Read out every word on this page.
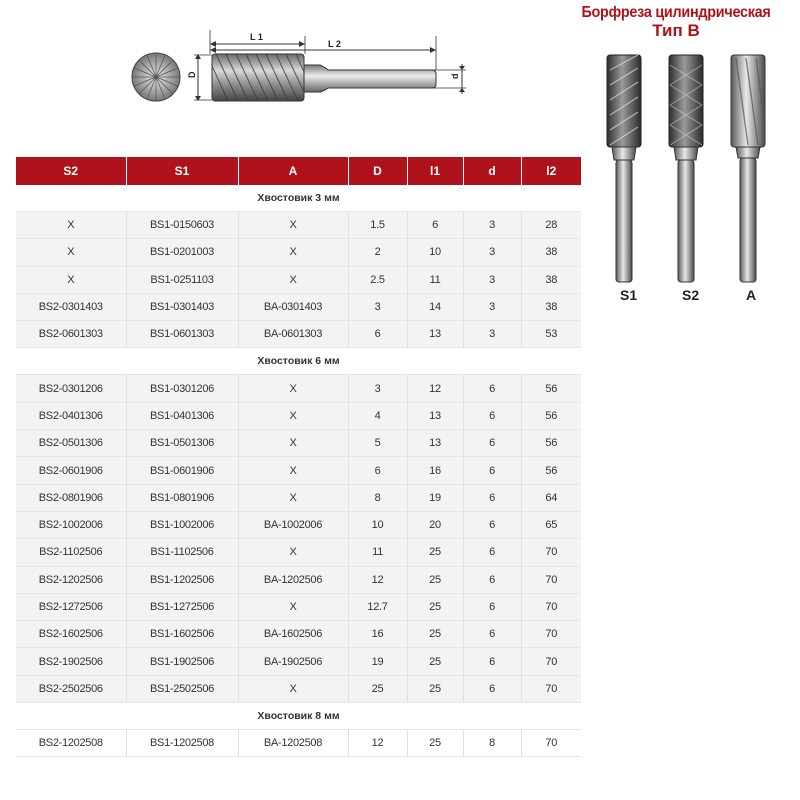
Борфреза цилиндрическая
Тип B
D
L 1
L 2
d
S1	S2	A
S2	S1	A	D	l1	d	l2
Хвостовик 3 мм						
X	BS1-0150603	X	1.5	6	3	28
X	BS1-0201003	X	2	10	3	38
X	BS1-0251103	X	2.5	11	3	38
BS2-0301403	BS1-0301403	BA-0301403	3	14	3	38
BS2-0601303	BS1-0601303	BA-0601303	6	13	3	53
Хвостовик 6 мм						
BS2-0301206	BS1-0301206	X	3	12	6	56
BS2-0401306	BS1-0401306	X	4	13	6	56
BS2-0501306	BS1-0501306	X	5	13	6	56
BS2-0601906	BS1-0601906	X	6	16	6	56
BS2-0801906	BS1-0801906	X	8	19	6	64
BS2-1002006	BS1-1002006	BA-1002006	10	20	6	65
BS2-1102506	BS1-1102506	X	11	25	6	70
BS2-1202506	BS1-1202506	BA-1202506	12	25	6	70
BS2-1272506	BS1-1272506	X	12.7	25	6	70
BS2-1602506	BS1-1602506	BA-1602506	16	25	6	70
BS2-1902506	BS1-1902506	BA-1902506	19	25	6	70
BS2-2502506	BS1-2502506	X	25	25	6	70
Хвостовик 8 мм						
BS2-1202508	BS1-1202508	BA-1202508	12	25	8	70
